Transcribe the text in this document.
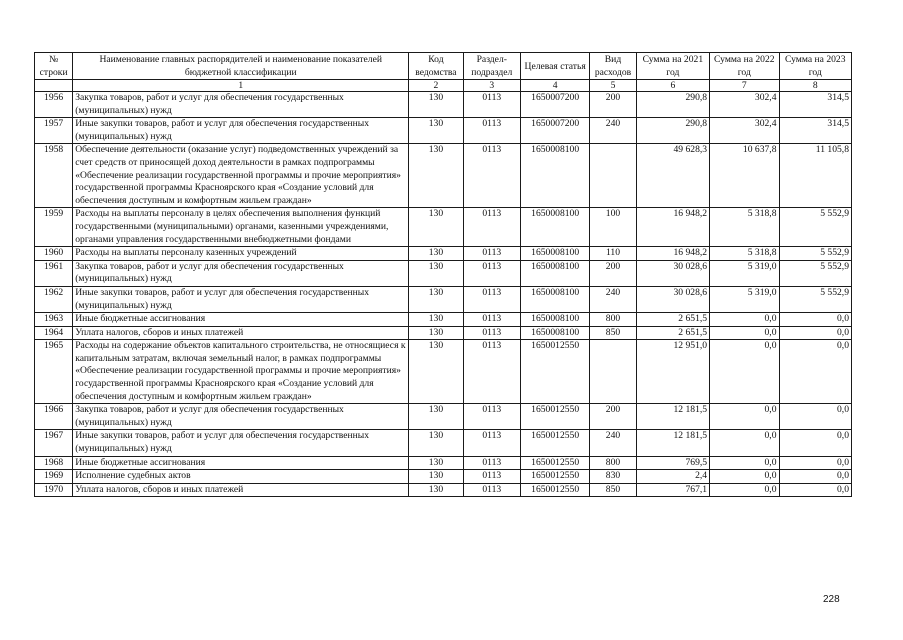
№ строки	Наименование главных распорядителей и наименование показателей бюджетной классификации	Код ведомства	Раздел-подраздел	Целевая статья	Вид расходов	Сумма на 2021 год	Сумма на 2022 год	Сумма на 2023 год
	1	2	3	4	5	6	7	8
1956	Закупка товаров, работ и услуг для обеспечения государственных (муниципальных) нужд	130	0113	1650007200	200	290,8	302,4	314,5
1957	Иные закупки товаров, работ и услуг для обеспечения государственных (муниципальных) нужд	130	0113	1650007200	240	290,8	302,4	314,5
1958	Обеспечение деятельности (оказание услуг) подведомственных учреждений за счет средств от приносящей доход деятельности в рамках подпрограммы «Обеспечение реализации государственной программы и прочие мероприятия» государственной программы Красноярского края «Создание условий для обеспечения доступным и комфортным жильем граждан»	130	0113	1650008100		49 628,3	10 637,8	11 105,8
1959	Расходы на выплаты персоналу в целях обеспечения выполнения функций государственными (муниципальными) органами, казенными учреждениями, органами управления государственными внебюджетными фондами	130	0113	1650008100	100	16 948,2	5 318,8	5 552,9
1960	Расходы на выплаты персоналу казенных учреждений	130	0113	1650008100	110	16 948,2	5 318,8	5 552,9
1961	Закупка товаров, работ и услуг для обеспечения государственных (муниципальных) нужд	130	0113	1650008100	200	30 028,6	5 319,0	5 552,9
1962	Иные закупки товаров, работ и услуг для обеспечения государственных (муниципальных) нужд	130	0113	1650008100	240	30 028,6	5 319,0	5 552,9
1963	Иные бюджетные ассигнования	130	0113	1650008100	800	2 651,5	0,0	0,0
1964	Уплата налогов, сборов и иных платежей	130	0113	1650008100	850	2 651,5	0,0	0,0
1965	Расходы на содержание объектов капитального строительства, не относящиеся к капитальным затратам, включая земельный налог, в рамках подпрограммы «Обеспечение реализации государственной программы и прочие мероприятия» государственной программы Красноярского края «Создание условий для обеспечения доступным и комфортным жильем граждан»	130	0113	1650012550		12 951,0	0,0	0,0
1966	Закупка товаров, работ и услуг для обеспечения государственных (муниципальных) нужд	130	0113	1650012550	200	12 181,5	0,0	0,0
1967	Иные закупки товаров, работ и услуг для обеспечения государственных (муниципальных) нужд	130	0113	1650012550	240	12 181,5	0,0	0,0
1968	Иные бюджетные ассигнования	130	0113	1650012550	800	769,5	0,0	0,0
1969	Исполнение судебных актов	130	0113	1650012550	830	2,4	0,0	0,0
1970	Уплата налогов, сборов и иных платежей	130	0113	1650012550	850	767,1	0,0	0,0
228
